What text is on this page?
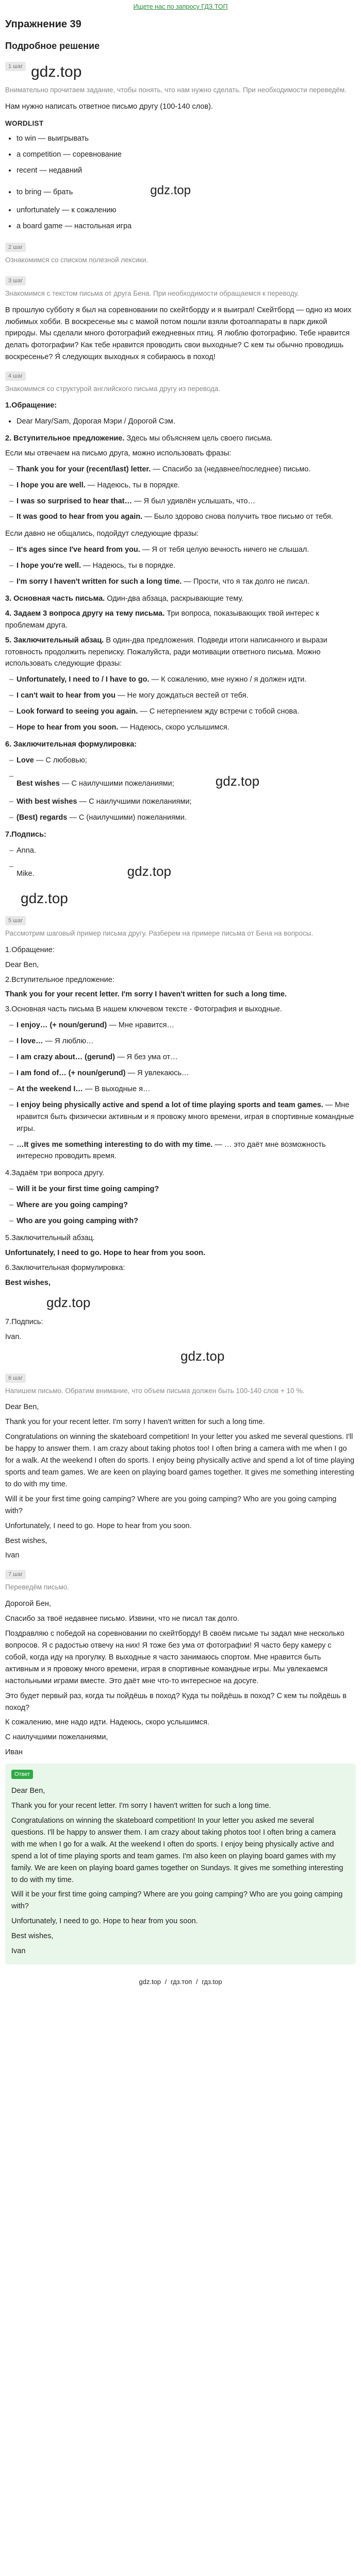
Ищете нас по запросу ГДЗ.ТОП
Упражнение 39
Подробное решение
1 шаг gdz.top
Внимательно прочитаем задание, чтобы понять, что нам нужно сделать. При необходимости переведём.

Нам нужно написать ответное письмо другу (100-140 слов).

WORDLIST
• to win — выигрывать
• a competition — соревнование
• recent — недавний
• to bring — брать	gdz.top
• unfortunately — к сожалению
• a board game — настольная игра
2 шаг
Ознакомимся со списком полезной лексики.
3 шаг
Знакомимся с текстом письма от друга Бена. При необходимости обращаемся к переводу.

В прошлую субботу я был на соревновании по скейтборду и я выиграл! Скейтборд — одно из моих любимых хобби. В воскресенье мы с мамой потом пошли взяли фотоаппараты в парк дикой природы. Мы сделали много фотографий ежедневных птиц. Я люблю фотографию. Тебе нравится делать фотографии? Как тебе нравится проводить свои выходные? С кем ты обычно проводишь воскресенье? Я́ следующих выходных я собираюсь в поход!

4 шаг
Знакомимся со структурой английского письма другу из перевода.

1.Обращение:

• Dear Mary/Sam, Дорогая Мэри / Дорогой Сэм.

2. Вступительное предложение. Здесь мы объясняем цель своего письма.

Если мы отвечаем на письмо друга, можно использовать фразы:

– Thank you for your (recent/last) letter. — Спасибо за (недавнее/последнее) письмо.
– I hope you are well. — Надеюсь, ты в порядке.
– I was so surprised to hear that… — Я был удивлён услышать, что…
– It was good to hear from you again. — Было здорово снова получить твое письмо от тебя.

Если давно не общались, подойдут следующие фразы:

– It's ages since I've heard from you. — Я от тебя целую вечность ничего не слышал.
– I hope you're well. — Надеюсь, ты в порядке.
– I'm sorry I haven't written for such a long time. — Прости, что я так долго не писал.

3. Основная часть письма. Один-два абзаца, раскрывающие тему.

4. Задаем 3 вопроса другу на тему письма. Три вопроса, показывающих твой интерес к проблемам друга.

5. Заключительный абзац. В один-два предложения. Подведи итоги написанного и вырази готовность продолжить переписку. Пожалуйста, ради мотивации ответного письма. Можно использовать следующие фразы:

– Unfortunately, I need to / I have to go. — К сожалению, мне нужно / я должен идти.
– I can't wait to hear from you — Не могу дождаться вестей от тебя.
– Look forward to seeing you again. — С нетерпением жду встречи с тобой снова.
– Hope to hear from you soon. — Надеюсь, скоро услышимся.

6. Заключительная формулировка:

– Love — С любовью;
– Best wishes — С наилучшими пожеланиями;	gdz.top
– With best wishes — С наилучшими пожеланиями;
– (Best) regards — С (наилучшими) пожеланиями.

7.Подпись:

– Anna.
– Mike.	gdz.top
gdz.top
5 шаг
Рассмотрим шаговый пример письма другу. Разберем на примере письма от Бена на вопросы.

1.Обращение:

Dear Ben,

2.Вступительное предложение:

Thank you for your recent letter. I'm sorry I haven't written for such a long time.

3.Основная часть письма В нашем ключевом тексте - Фотография и выходные.

– I enjoy… (+ noun/gerund) — Мне нравится…
– I love… — Я люблю…
– I am crazy about… (gerund) — Я без ума от…
– I am fond of… (+ noun/gerund) — Я увлекаюсь…
– At the weekend I… — В выходные я…
– I enjoy being physically active and spend a lot of time playing sports and team games. — Мне нравится быть физически активным и я провожу много времени, играя в спортивные командные игры.
– …It gives me something interesting to do with my time. — … это даёт мне возможность интересно проводить время.

4.Задаём три вопроса другу.

– Will it be your first time going camping?
– Where are you going camping?
– Who are you going camping with?

5.Заключительный абзац.

Unfortunately, I need to go. Hope to hear from you soon.

6.Заключительная формулировка:

Best wishes,

gdz.top

7.Подпись:

Ivan.

gdz.top
6 шаг
Напишем письмо. Обратим внимание, что объем письма должен быть 100-140 слов + 10 %.

Dear Ben,

Thank you for your recent letter. I'm sorry I haven't written for such a long time.

Congratulations on winning the skateboard competition! In your letter you asked me several questions. I'll be happy to answer them. I am crazy about taking photos too! I often bring a camera with me when I go for a walk. At the weekend I often do sports. I enjoy being physically active and spend a lot of time playing sports and team games. We are keen on playing board games together. It gives me something interesting to do with my time.

Will it be your first time going camping? Where are you going camping? Who are you going camping with?

Unfortunately, I need to go. Hope to hear from you soon.

Best wishes,

Ivan

7 шаг
Переведём письмо.

Дорогой Бен,

Спасибо за твоё недавнее письмо. Извини, что не писал так долго.

Поздравляю с победой на соревновании по скейтборду! В своём письме ты задал мне несколько вопросов. Я с радостью отвечу на них! Я тоже без ума от фотографии! Я часто беру камеру с собой, когда иду на прогулку. В выходные я часто занимаюсь спортом. Мне нравится быть активным и я провожу много времени, играя в спортивные командные игры. Мы увлекаемся настольными играми вместе. Это даёт мне что-то интересное на досуге.

Это будет первый раз, когда ты пойдёшь в поход? Куда ты пойдёшь в поход? С кем ты пойдёшь в поход?

К сожалению, мне надо идти. Надеюсь, скоро услышимся.

С наилучшими пожеланиями,

Иван

Ответ

Dear Ben,

Thank you for your recent letter. I'm sorry I haven't written for such a long time.

Congratulations on winning the skateboard competition! In your letter you asked me several questions. I'll be happy to answer them. I am crazy about taking photos too! I often bring a camera with me when I go for a walk. At the weekend I often do sports. I enjoy being physically active and spend a lot of time playing sports and team games. I'm also keen on playing board games with my family. We are keen on playing board games together on Sundays. It gives me something interesting to do with my time.

Will it be your first time going camping? Where are you going camping? Who are you going camping with?

Unfortunately, I need to go. Hope to hear from you soon.

Best wishes,

Ivan

gdz.top / гдз.топ / гдз.top
